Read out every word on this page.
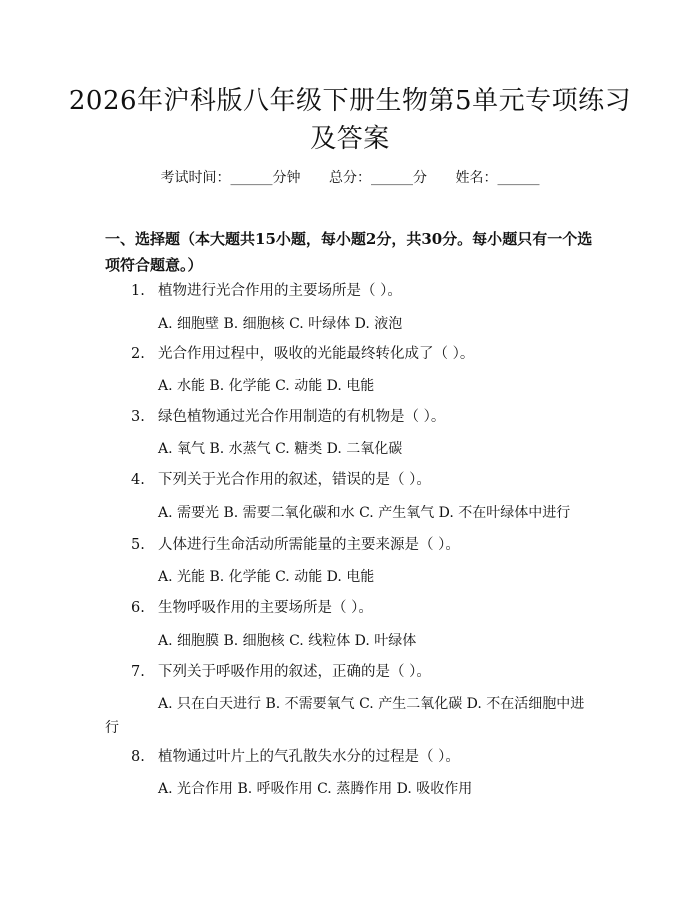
2026年沪科版八年级下册生物第5单元专项练习及答案
考试时间：______分钟 总分：______分 姓名：______
一、选择题（本大题共15小题，每小题2分，共30分。每小题只有一个选项符合题意。）
1. 植物进行光合作用的主要场所是（ ）。
A. 细胞壁 B. 细胞核 C. 叶绿体 D. 液泡
2. 光合作用过程中，吸收的光能最终转化成了（ ）。
A. 水能 B. 化学能 C. 动能 D. 电能
3. 绿色植物通过光合作用制造的有机物是（ ）。
A. 氧气 B. 水蒸气 C. 糖类 D. 二氧化碳
4. 下列关于光合作用的叙述，错误的是（ ）。
A. 需要光 B. 需要二氧化碳和水 C. 产生氧气 D. 不在叶绿体中进行
5. 人体进行生命活动所需能量的主要来源是（ ）。
A. 光能 B. 化学能 C. 动能 D. 电能
6. 生物呼吸作用的主要场所是（ ）。
A. 细胞膜 B. 细胞核 C. 线粒体 D. 叶绿体
7. 下列关于呼吸作用的叙述，正确的是（ ）。
A. 只在白天进行 B. 不需要氧气 C. 产生二氧化碳 D. 不在活细胞中进行
8. 植物通过叶片上的气孔散失水分的过程是（ ）。
A. 光合作用 B. 呼吸作用 C. 蒸腾作用 D. 吸收作用
